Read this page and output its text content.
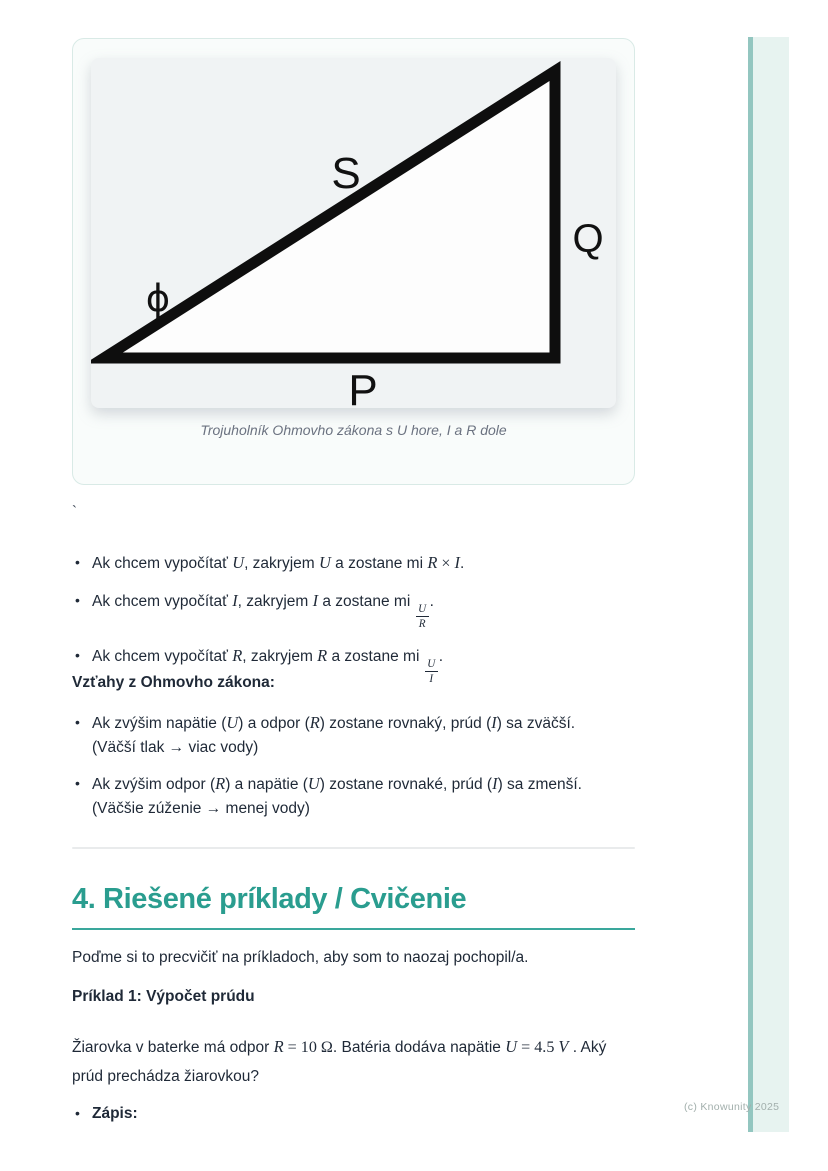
(c) Knowunity 2025
S
Q
P
ϕ
Trojuholník Ohmovho zákona s U hore, I a R dole
`
• Ak chcem vypočítať U, zakryjem U a zostane mi R × I.
• Ak chcem vypočítať I, zakryjem I a zostane mi
$\frac{U}{R}$
.
• Ak chcem vypočítať R, zakryjem R a zostane mi
$\frac{U}{I}$
.
Vzťahy z Ohmovho zákona:
• Ak zvýšim napätie (U) a odpor (R) zostane rovnaký, prúd (I) sa zväčší.
(Väčší tlak → viac vody)
• Ak zvýšim odpor (R) a napätie (U) zostane rovnaké, prúd (I) sa zmenší.
(Väčšie zúženie → menej vody)
4. Riešené príklady / Cvičenie

Poďme si to precvičiť na príkladoch, aby som to naozaj pochopil/a.

Príklad 1: Výpočet prúdu

Žiarovka v baterke má odpor R = 10 Ω. Batéria dodáva napätie U = 4.5 V . Aký prúd prechádza žiarovkou?

• Zápis:
